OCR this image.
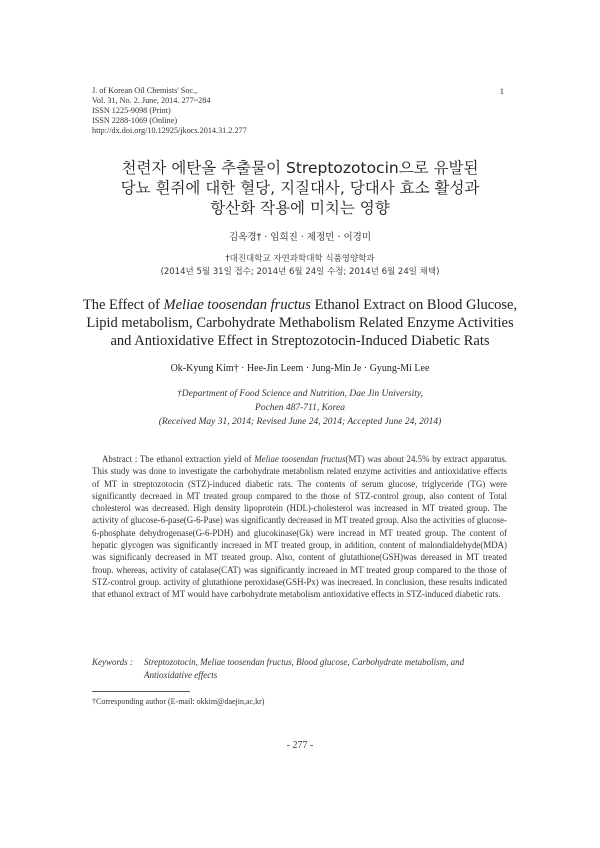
J. of Korean Oil Chemists' Soc.,
Vol. 31, No. 2. June, 2014. 277~284
ISSN 1225-9098 (Print)
ISSN 2288-1069 (Online)
http://dx.doi.org/10.12925/jkocs.2014.31.2.277
1
천련자 에탄올 추출물이 Streptozotocin으로 유발된
당뇨 흰쥐에 대한 혈당, 지질대사, 당대사 효소 활성과
항산화 작용에 미치는 영향
김옥경† · 임희진 · 제정민 · 이경미
†대진대학교 자연과학대학 식품영양학과
(2014년 5월 31일 접수; 2014년 6월 24일 수정; 2014년 6월 24일 채택)
The Effect of Meliae toosendan fructus Ethanol Extract on Blood Glucose,
Lipid metabolism, Carbohydrate Methabolism Related Enzyme Activities
and Antioxidative Effect in Streptozotocin-Induced Diabetic Rats
Ok-Kyung Kim† · Hee-Jin Leem · Jung-Min Je · Gyung-Mi Lee
†Department of Food Science and Nutrition, Dae Jin University,
Pochen 487-711, Korea
(Received May 31, 2014; Revised June 24, 2014; Accepted June 24, 2014)
Abstract : The ethanol extraction yield of Meliae toosendan fructus(MT) was about 24.5% by extract apparatus. This study was done to investigate the carbohydrate metabolism related enzyme activities and antioxidative effects of MT in streptozotocin (STZ)-induced diabetic rats. The contents of serum glucose, triglyceride (TG) were significantly decreaed in MT treated group compared to the those of STZ-control group, also content of Total cholesterol was decreased. High density lipoprotein (HDL)-cholesterol was increased in MT treated group. The activity of glucose-6-pase(G-6-Pase) was significantly decreased in MT treated group. Also the activities of glucose-6-phosphate dehydrogenase(G-6-PDH) and glucokinase(Gk) were incread in MT treated group. The content of hepatic glycogen was significantly increaed in MT treated group, in addition, content of malondialdehyde(MDA) was significanly decreased in MT treated group. Also, content of glutathione(GSH)was dereased in MT treated froup. whereas, activity of catalase(CAT) was significantly increaed in MT treated group compared to the those of STZ-control group. activity of glutathione peroxidase(GSH-Px) was inecreaed. In conclusion, these results indicated that ethanol extract of MT would have carbohydrate metabolism antioxidative effects in STZ-induced diabetic rats.
Keywords :	Streptozotocin, Meliae toosendan fructus, Blood glucose, Carbohydrate metabolism, and
Antioxidative effects
†Corresponding author (E-mail: okkim@daejin,ac,kr)
- 277 -
